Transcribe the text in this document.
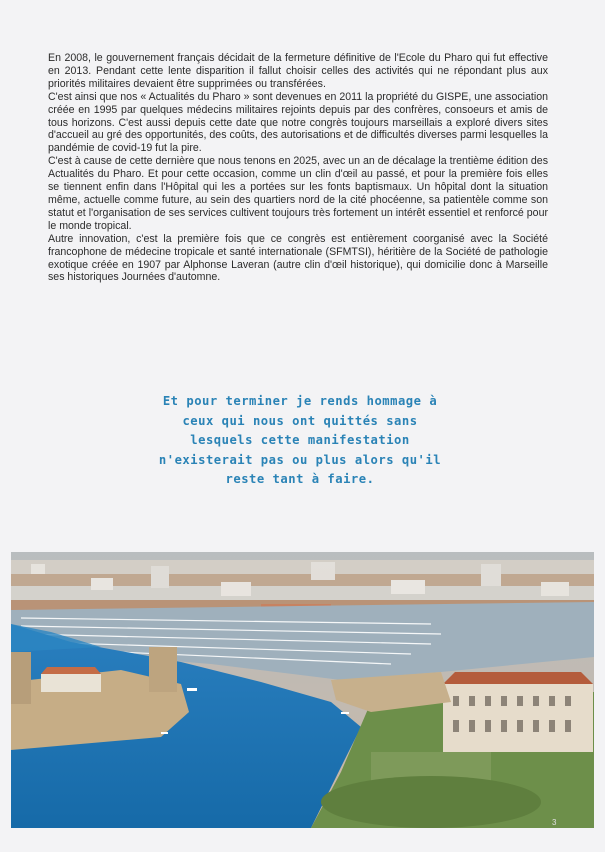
En 2008, le gouvernement français décidait de la fermeture définitive de l'Ecole du Pharo qui fut effective en 2013. Pendant cette lente disparition il fallut choisir celles des activités qui ne répondant plus aux priorités militaires devaient être supprimées ou transférées.

C'est ainsi que nos « Actualités du Pharo » sont devenues en 2011 la propriété du GISPE, une association créée en 1995 par quelques médecins militaires rejoints depuis par des confrères, consoeurs et amis de tous horizons. C'est aussi depuis cette date que notre congrès toujours marseillais a exploré divers sites d'accueil au gré des opportunités, des coûts, des autorisations et de difficultés diverses parmi lesquelles la pandémie de covid-19 fut la pire.

C'est à cause de cette dernière que nous tenons en 2025, avec un an de décalage la trentième édition des Actualités du Pharo. Et pour cette occasion, comme un clin d'œil au passé, et pour la première fois elles se tiennent enfin dans l'Hôpital qui les a portées sur les fonts baptismaux. Un hôpital dont la situation même, actuelle comme future, au sein des quartiers nord de la cité phocéenne, sa patientèle comme son statut et l'organisation de ses services cultivent toujours très fortement un intérêt essentiel et renforcé pour le monde tropical.

Autre innovation, c'est la première fois que ce congrès est entièrement coorganisé avec la Société francophone de médecine tropicale et santé internationale (SFMTSI), héritière de la Société de pathologie exotique créée en 1907 par Alphonse Laveran (autre clin d'œil historique), qui domicilie donc à Marseille ses historiques Journées d'automne.

Et pour terminer je rends hommage à
ceux qui nous ont quittés sans
lesquels cette manifestation
n'existerait pas ou plus alors qu'il
reste tant à faire.
3
